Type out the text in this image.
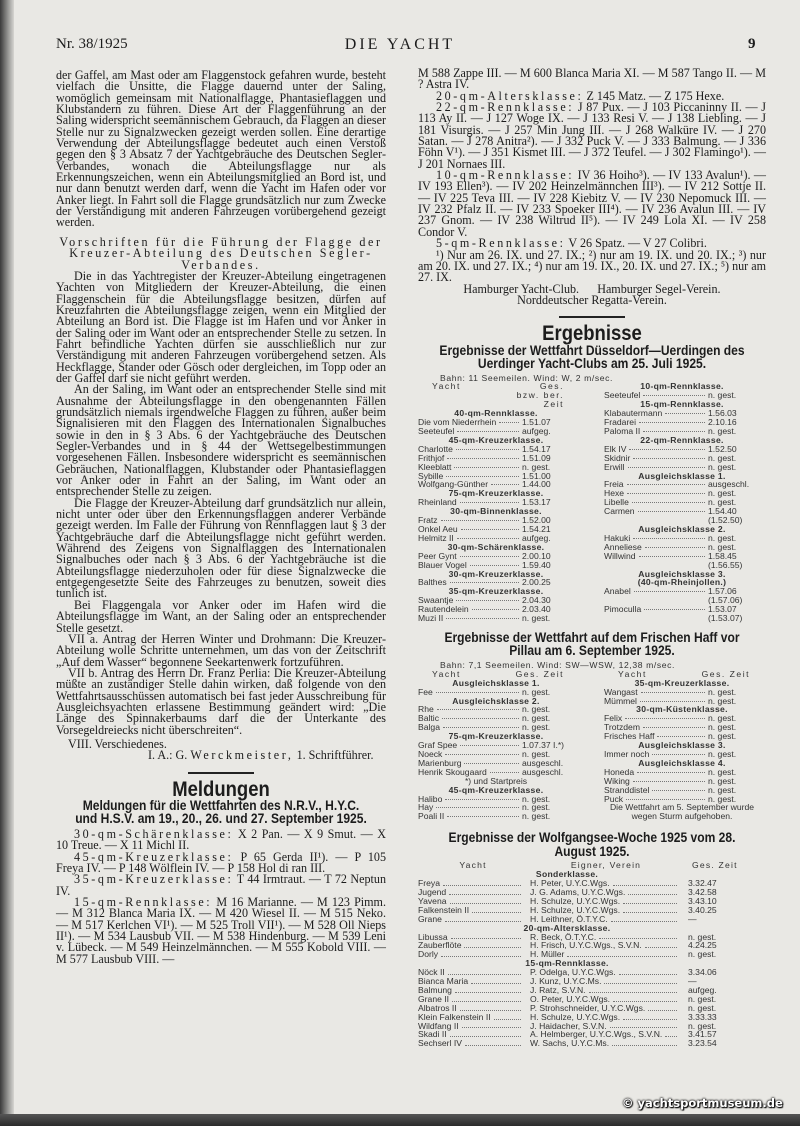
Nr. 38/1925	DIE YACHT	9

der Gaffel, am Mast oder am Flaggenstock gefahren wurde, besteht vielfach die Unsitte, die Flagge dauernd unter der Saling, womöglich gemeinsam mit Nationalflagge, Phantasieflaggen und Klubstandern zu führen. Diese Art der Flaggenführung an der Saling widerspricht seemännischem Gebrauch, da Flaggen an dieser Stelle nur zu Signalzwecken gezeigt werden sollen. Eine derartige Verwendung der Abteilungsflagge bedeutet auch einen Verstoß gegen den § 3 Absatz 7 der Yachtgebräuche des Deutschen Segler-Verbandes, wonach die Abteilungsflagge nur als Erkennungszeichen, wenn ein Abteilungsmitglied an Bord ist, und nur dann benutzt werden darf, wenn die Yacht im Hafen oder vor Anker liegt. In Fahrt soll die Flagge grundsätzlich nur zum Zwecke der Verständigung mit anderen Fahrzeugen vorübergehend gezeigt werden.

Vorschriften für die Führung der Flagge der Kreuzer-Abteilung des Deutschen Segler-Verbandes.

Die in das Yachtregister der Kreuzer-Abteilung eingetragenen Yachten von Mitgliedern der Kreuzer-Abteilung, die einen Flaggenschein für die Abteilungsflagge besitzen, dürfen auf Kreuzfahrten die Abteilungsflagge zeigen, wenn ein Mitglied der Abteilung an Bord ist. Die Flagge ist im Hafen und vor Anker in der Saling oder im Want oder an entsprechender Stelle zu setzen. In Fahrt befindliche Yachten dürfen sie ausschließlich nur zur Verständigung mit anderen Fahrzeugen vorübergehend setzen. Als Heckflagge, Stander oder Gösch oder dergleichen, im Topp oder an der Gaffel darf sie nicht geführt werden.

An der Saling, im Want oder an entsprechender Stelle sind mit Ausnahme der Abteilungsflagge in den obengenannten Fällen grundsätzlich niemals irgendwelche Flaggen zu führen, außer beim Signalisieren mit den Flaggen des Internationalen Signalbuches sowie in den in § 3 Abs. 6 der Yachtgebräuche des Deutschen Segler-Verbandes und in § 44 der Wettsegelbestimmungen vorgesehenen Fällen. Insbesondere widerspricht es seemännischen Gebräuchen, Nationalflaggen, Klubstander oder Phantasieflaggen vor Anker oder in Fahrt an der Saling, im Want oder an entsprechender Stelle zu zeigen.

Die Flagge der Kreuzer-Abteilung darf grundsätzlich nur allein, nicht unter oder über den Erkennungsflaggen anderer Verbände gezeigt werden. Im Falle der Führung von Rennflaggen laut § 3 der Yachtgebräuche darf die Abteilungsflagge nicht geführt werden. Während des Zeigens von Signalflaggen des Internationalen Signalbuches oder nach § 3 Abs. 6 der Yachtgebräuche ist die Abteilungsflagge niederzuholen oder für diese Signalzwecke die entgegengesetzte Seite des Fahrzeuges zu benutzen, soweit dies tunlich ist.

Bei Flaggengala vor Anker oder im Hafen wird die Abteilungsflagge im Want, an der Saling oder an entsprechender Stelle gesetzt.

VII a. Antrag der Herren Winter und Drohmann: Die Kreuzer-Abteilung wolle Schritte unternehmen, um das von der Zeitschrift „Auf dem Wasser“ begonnene Seekartenwerk fortzuführen.

VII b. Antrag des Herrn Dr. Franz Perlia: Die Kreuzer-Abteilung müßte an zuständiger Stelle dahin wirken, daß folgende von den Wettfahrtsausschüssen automatisch bei fast jeder Ausschreibung für Ausgleichsyachten erlassene Bestimmung geändert wird: „Die Länge des Spinnakerbaums darf die der Unterkante des Vorsegeldreiecks nicht überschreiten“.

VIII. Verschiedenes.

I. A.: G. Werckmeister, 1. Schriftführer.

Meldungen
Meldungen für die Wettfahrten des N.R.V., H.Y.C. und H.S.V. am 19., 20., 26. und 27. September 1925.

30-qm-Schärenklasse: X 2 Pan. — X 9 Smut. — X 10 Treue. — X 11 Michl II.

45-qm-Kreuzerklasse: P 65 Gerda II¹). — P 105 Freya IV. — P 148 Wölflein IV. — P 158 Hol di ran III.

35-qm-Kreuzerklasse: T 44 Irmtraut. — T 72 Neptun IV.

15-qm-Rennklasse: M 16 Marianne. — M 123 Pimm. — M 312 Blanca Maria IX. — M 420 Wiesel II. — M 515 Neko. — M 517 Kerlchen VI¹). — M 525 Troll VII¹). — M 528 Oll Nieps II¹). — M 534 Lausbub VII. — M 538 Hindenburg. — M 539 Leni v. Lübeck. — M 549 Heinzelmännchen. — M 555 Kobold VIII. — M 577 Lausbub VIII. —

M 588 Zappe III. — M 600 Blanca Maria XI. — M 587 Tango II. — M ? Astra IV.

20-qm-Altersklasse: Z 145 Matz. — Z 175 Hexe.

22-qm-Rennklasse: J 87 Pux. — J 103 Piccaninny II. — J 113 Ay II. — J 127 Woge IX. — J 133 Resi V. — J 138 Liebling. — J 181 Visurgis. — J 257 Min Jung III. — J 268 Walküre IV. — J 270 Satan. — J 278 Anitra²). — J 332 Puck V. — J 333 Balmung. — J 336 Föhn V¹). — J 351 Kismet III. — J 372 Teufel. — J 302 Flamingo¹). — J 201 Nornaes III.

10-qm-Rennklasse: IV 36 Hoiho³). — IV 133 Avalun¹). — IV 193 Ellen³). — IV 202 Heinzelmännchen III³). — IV 212 Sottje II. — IV 225 Teva III. — IV 228 Kiebitz V. — IV 230 Nepomuck III. — IV 232 Pfalz II. — IV 233 Spoeker III⁴). — IV 236 Avalun III. — IV 237 Gnom. — IV 238 Wiltrud II⁵). — IV 249 Lola XI. — IV 258 Condor V.

5-qm-Rennklasse: V 26 Spatz. — V 27 Colibri.

¹) Nur am 26. IX. und 27. IX.; ²) nur am 19. IX. und 20. IX.; ³) nur am 20. IX. und 27. IX.; ⁴) nur am 19. IX., 20. IX. und 27. IX.; ⁵) nur am 27. IX.

Hamburger Yacht-Club.      Hamburger Segel-Verein.

Norddeutscher Regatta-Verein.

Ergebnisse
Ergebnisse der Wettfahrt Düsseldorf—Uerdingen des Uerdinger Yacht-Clubs am 25. Juli 1925.
Bahn: 11 Seemeilen. Wind: W, 2 m/sec.
Yacht	Ges. bzw. ber. Zeit
40-qm-Rennklasse.
Die vom Niederrhein	1.51.07
Seeteufel	aufgeg.
45-qm-Kreuzerklasse.
Charlotte	1.54.17
Frithjof	1.51.09
Kleeblatt	n. gest.
Sybille	1.51.00
Wolfgang-Günther	1.44.00
75-qm-Kreuzerklasse.
Rheinland	1.53.17
30-qm-Binnenklasse.
Fratz	1.52.00
Onkel Aeu	1.54.21
Helmitz II	aufgeg.
30-qm-Schärenklasse.
Peer Gynt	2.00.10
Blauer Vogel	1.59.40
30-qm-Kreuzerklasse.
Balthes	2.00.25
35-qm-Kreuzerklasse.
Swaantje	2.04.30
Rautendelein	2.03.40
Muzi II	n. gest.
10-qm-Rennklasse.
Seeteufel	n. gest.
15-qm-Rennklasse.
Klabautermann	1.56.03
Fradarei	2.10.16
Paloma II	n. gest.
22-qm-Rennklasse.
Elk IV	1.52.50
Skidnir	n. gest.
Erwill	n. gest.
Ausgleichsklasse 1.
Freia	ausgeschl.
Hexe	n. gest.
Libelle	n. gest.
Carmen	1.54.40
(1.52.50)
Ausgleichsklasse 2.
Hakuki	n. gest.
Anneliese	n. gest.
Willwind	1.58.45
(1.56.55)
Ausgleichsklasse 3.
(40-qm-Rheinjollen.)
Anabel	1.57.06
(1.57.06)
Pimoculla	1.53.07
(1.53.07)
Ergebnisse der Wettfahrt auf dem Frischen Haff vor Pillau am 6. September 1925.
Bahn: 7,1 Seemeilen. Wind: SW—WSW, 12,38 m/sec.
Yacht	Ges. Zeit
Ausgleichsklasse 1.
Fee	n. gest.
Ausgleichsklasse 2.
Rhe	n. gest.
Baltic	n. gest.
Balga	n. gest.
75-qm-Kreuzerklasse.
Graf Spee	1.07.37 I.*)
Noeck	n. gest.
Marienburg	ausgeschl.
Henrik Skougaard	ausgeschl.
*) und Startpreis
45-qm-Kreuzerklasse.
Halibo	n. gest.
Hay	n. gest.
Poali II	n. gest.
Yacht	Ges. Zeit
35-qm-Kreuzerklasse.
Wangast	n. gest.
Mümmel	n. gest.
30-qm-Küstenklasse.
Felix	n. gest.
Trotzdem	n. gest.
Frisches Haff	n. gest.
Ausgleichsklasse 3.
Immer noch	n. gest.
Ausgleichsklasse 4.
Honeda	n. gest.
Wiking	n. gest.
Stranddistel	n. gest.
Puck	n. gest.
Die Wettfahrt am 5. September wurde wegen Sturm aufgehoben.
Ergebnisse der Wolfgangsee-Woche 1925 vom 28. August 1925.
Yacht	Eigner, Verein	Ges. Zeit
Sonderklasse.
Freya	H. Peter, U.Y.C.Wgs.	3.32.47
Jugend	J. G. Adams, U.Y.C.Wgs.	3.42.58
Yavena	H. Schulze, U.Y.C.Wgs.	3.43.10
Falkenstein II	H. Schulze, U.Y.C.Wgs.	3.40.25
Grane	H. Leithner, Ö.T.Y.C.	—
20-qm-Altersklasse.
Libussa	R. Beck, Ö.T.Y.C.	n. gest.
Zauberflöte	H. Frisch, U.Y.C.Wgs., S.V.N.	4.24.25
Dorly	H. Müller	n. gest.
15-qm-Rennklasse.
Nöck II	P. Odelga, U.Y.C.Wgs.	3.34.06
Bianca Maria	J. Kunz, U.Y.C.Ms.	—
Balmung	J. Ratz, S.V.N.	aufgeg.
Grane II	O. Peter, U.Y.C.Wgs.	n. gest.
Albatros II	P. Strohschneider, U.Y.C.Wgs.	n. gest.
Klein Falkenstein II	H. Schulze, U.Y.C.Wgs.	3.33.33
Wildfang II	J. Haidacher, S.V.N.	n. gest.
Skadi II	A. Helmberger, U.Y.C.Wgs., S.V.N.	3.41.57
Sechserl IV	W. Sachs, U.Y.C.Ms.	3.23.54
© yachtsportmuseum.de
